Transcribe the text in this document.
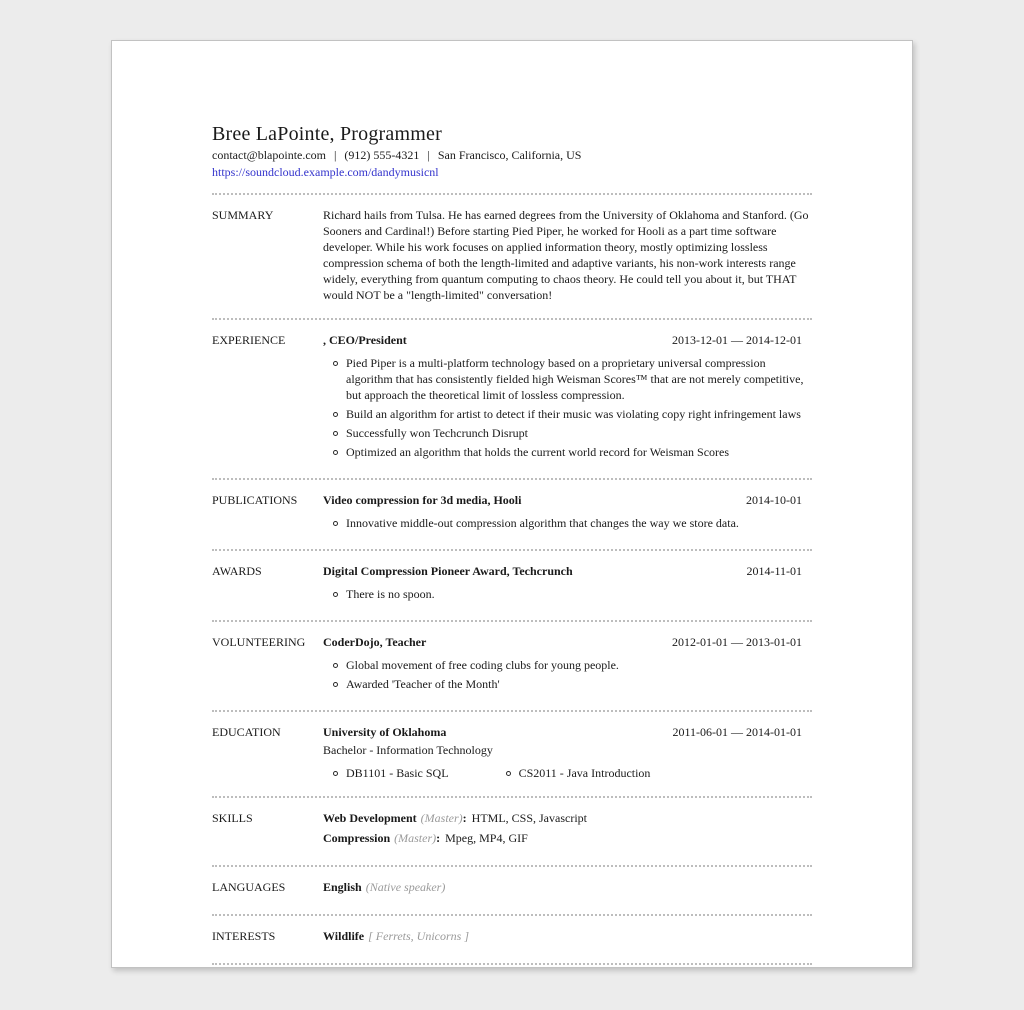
Bree LaPointe, Programmer
contact@blapointe.com | (912) 555-4321 | San Francisco, California, US
https://soundcloud.example.com/dandymusicnl
SUMMARY	Richard hails from Tulsa. He has earned degrees from the University of Oklahoma and Stanford. (Go Sooners and Cardinal!) Before starting Pied Piper, he worked for Hooli as a part time software developer. While his work focuses on applied information theory, mostly optimizing lossless compression schema of both the length-limited and adaptive variants, his non-work interests range widely, everything from quantum computing to chaos theory. He could tell you about it, but THAT would NOT be a "length-limited" conversation!

EXPERIENCE	, CEO/President	2013-12-01 — 2014-12-01
Pied Piper is a multi-platform technology based on a proprietary universal compression algorithm that has consistently fielded high Weisman Scores™ that are not merely competitive, but approach the theoretical limit of lossless compression.
Build an algorithm for artist to detect if their music was violating copy right infringement laws
Successfully won Techcrunch Disrupt
Optimized an algorithm that holds the current world record for Weisman Scores
PUBLICATIONS	Video compression for 3d media, Hooli	2014-10-01
Innovative middle-out compression algorithm that changes the way we store data.
AWARDS	Digital Compression Pioneer Award, Techcrunch	2014-11-01
There is no spoon.
VOLUNTEERING	CoderDojo, Teacher	2012-01-01 — 2013-01-01
Global movement of free coding clubs for young people.
Awarded 'Teacher of the Month'
EDUCATION	University of Oklahoma	2011-06-01 — 2014-01-01
Bachelor - Information Technology
DB1101 - Basic SQL	CS2011 - Java Introduction
SKILLS	Web Development (Master): HTML, CSS, Javascript
Compression (Master): Mpeg, MP4, GIF
LANGUAGES	English (Native speaker)
INTERESTS	Wildlife [ Ferrets, Unicorns ]
